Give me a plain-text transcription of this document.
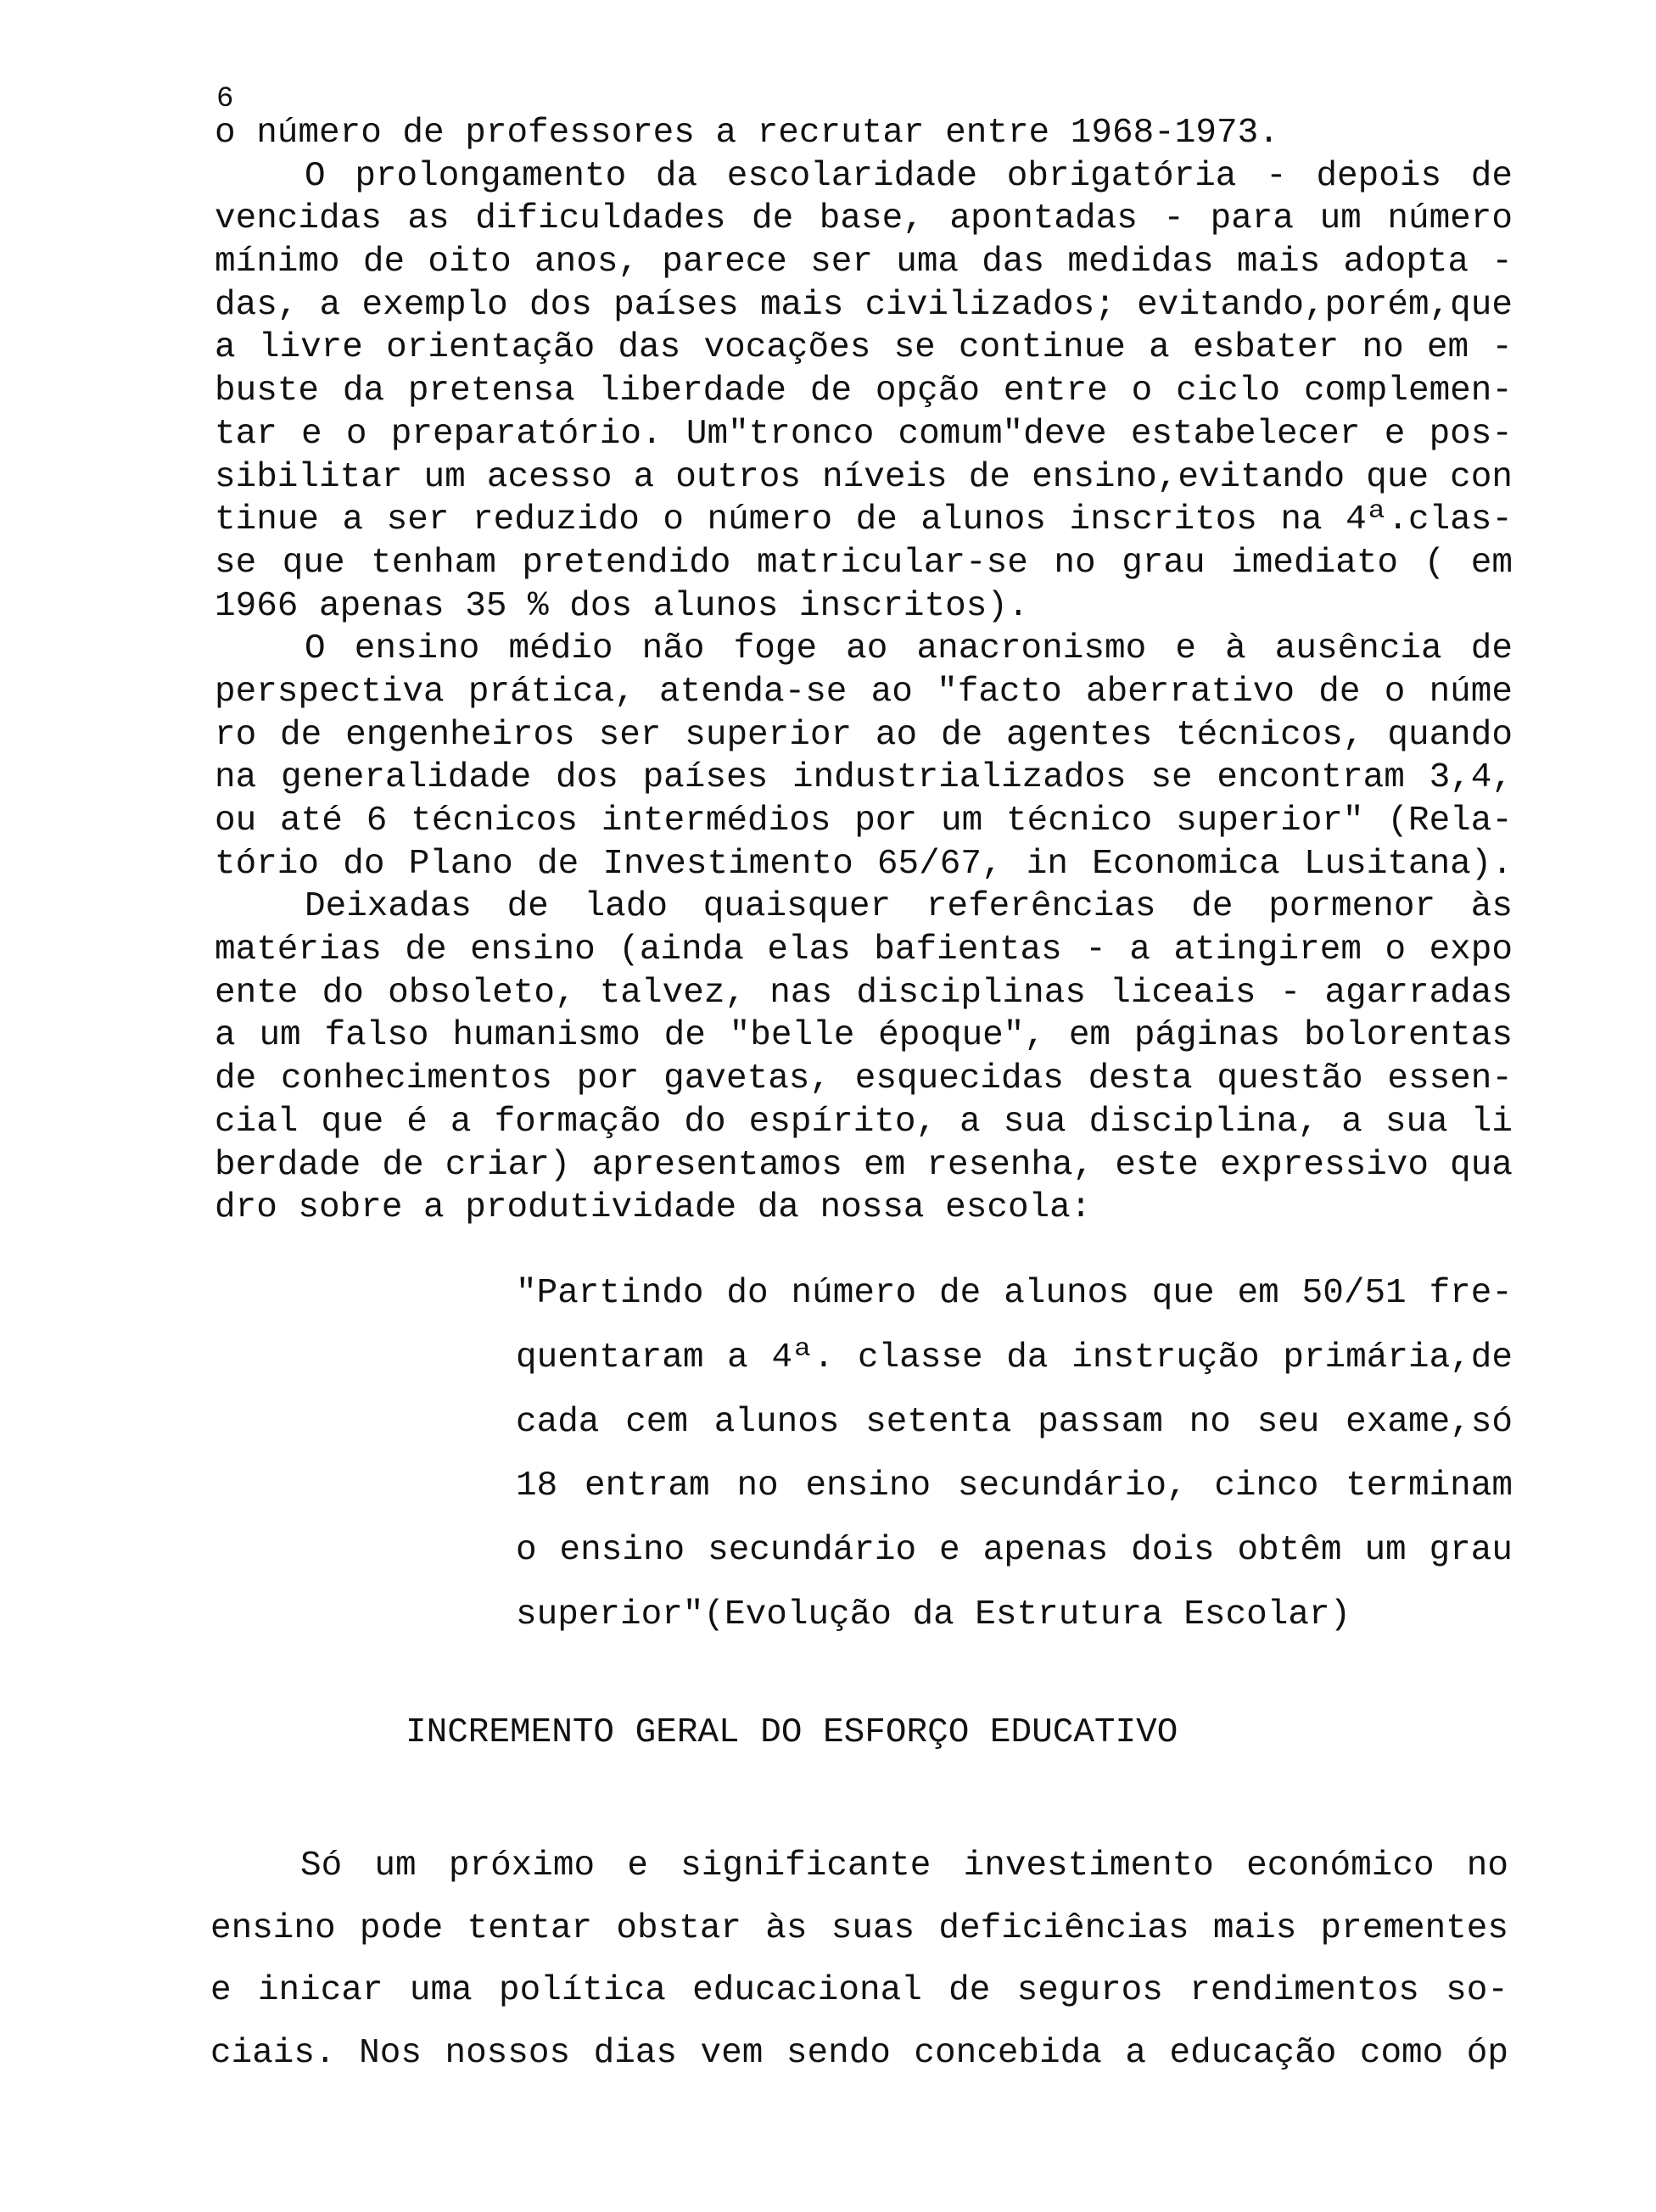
6
o número de professores a recrutar entre 1968-1973.
O prolongamento da escolaridade obrigatória - depois de
vencidas as dificuldades de base, apontadas - para um número
mínimo de oito anos, parece ser uma das medidas mais adopta -
das, a exemplo dos países mais civilizados; evitando,porém,que
a livre orientação das vocações se continue a esbater no em -
buste da pretensa liberdade de opção entre o ciclo complemen-
tar e o preparatório. Um"tronco comum"deve estabelecer e pos-
sibilitar um acesso a outros níveis de ensino,evitando que con
tinue a ser reduzido o número de alunos inscritos na 4ª.clas-
se que tenham pretendido matricular-se no grau imediato ( em
1966 apenas 35 % dos alunos inscritos).
O ensino médio não foge ao anacronismo e à ausência de
perspectiva prática, atenda-se ao "facto aberrativo de o núme
ro de engenheiros ser superior ao de agentes técnicos, quando
na generalidade dos países industrializados se encontram 3,4,
ou até 6 técnicos intermédios por um técnico superior" (Rela-
tório do Plano de Investimento 65/67, in Economica Lusitana).
Deixadas de lado quaisquer referências de pormenor às
matérias de ensino (ainda elas bafientas - a atingirem o expo
ente do obsoleto, talvez, nas disciplinas liceais - agarradas
a um falso humanismo de "belle époque", em páginas bolorentas
de conhecimentos por gavetas, esquecidas desta questão essen-
cial que é a formação do espírito, a sua disciplina, a sua li
berdade de criar) apresentamos em resenha, este expressivo qua
dro sobre a produtividade da nossa escola:
"Partindo do número de alunos que em 50/51 fre-
quentaram a 4ª. classe da instrução primária,de
cada cem alunos setenta passam no seu exame,só
18 entram no ensino secundário, cinco terminam
o ensino secundário e apenas dois obtêm um grau
superior"(Evolução da Estrutura Escolar)
INCREMENTO GERAL DO ESFORÇO EDUCATIVO
Só um próximo e significante investimento económico no
ensino pode tentar obstar às suas deficiências mais prementes
e inicar uma política educacional de seguros rendimentos so-
ciais. Nos nossos dias vem sendo concebida a educação como óp
